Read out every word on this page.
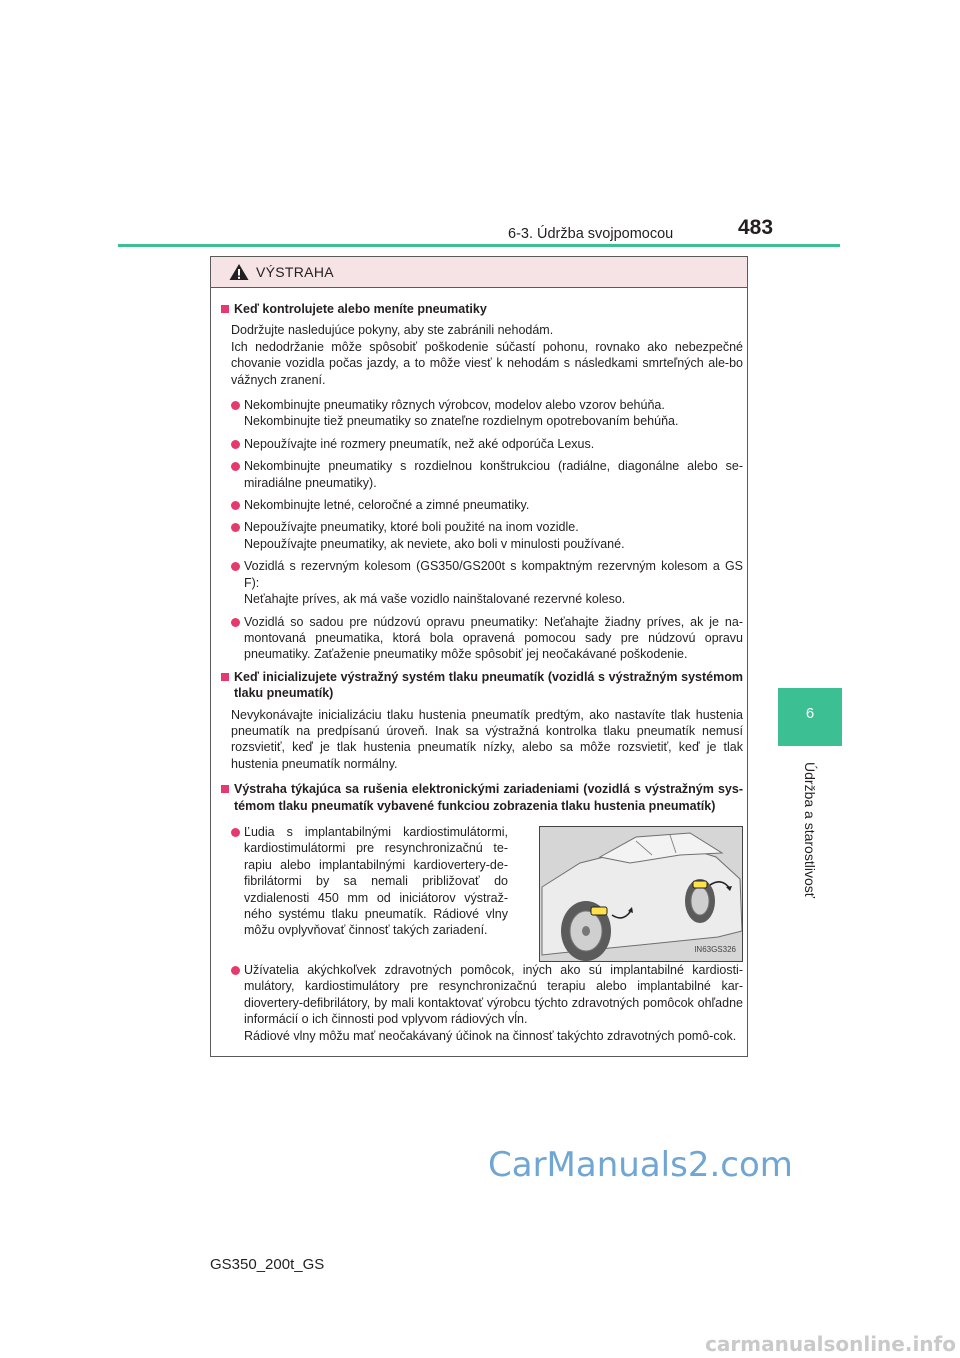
6-3. Údržba svojpomocou	483
6
Údržba a starostlivosť
VÝSTRAHA
Keď kontrolujete alebo meníte pneumatiky
Dodržujte nasledujúce pokyny, aby ste zabránili nehodám.
Ich nedodržanie môže spôsobiť poškodenie súčastí pohonu, rovnako ako nebezpečné chovanie vozidla počas jazdy, a to môže viesť k nehodám s následkami smrteľných ale-bo vážnych zranení.
Nekombinujte pneumatiky rôznych výrobcov, modelov alebo vzorov behúňa.
Nekombinujte tiež pneumatiky so znateľne rozdielnym opotrebovaním behúňa.
Nepoužívajte iné rozmery pneumatík, než aké odporúča Lexus.
Nekombinujte pneumatiky s rozdielnou konštrukciou (radiálne, diagonálne alebo se-miradiálne pneumatiky).
Nekombinujte letné, celoročné a zimné pneumatiky.
Nepoužívajte pneumatiky, ktoré boli použité na inom vozidle.
Nepoužívajte pneumatiky, ak neviete, ako boli v minulosti používané.
Vozidlá s rezervným kolesom (GS350/GS200t s kompaktným rezervným kolesom a GS F):
Neťahajte príves, ak má vaše vozidlo nainštalované rezervné koleso.
Vozidlá so sadou pre núdzovú opravu pneumatiky: Neťahajte žiadny príves, ak je na-montovaná pneumatika, ktorá bola opravená pomocou sady pre núdzovú opravu pneumatiky. Zaťaženie pneumatiky môže spôsobiť jej neočakávané poškodenie.
Keď inicializujete výstražný systém tlaku pneumatík (vozidlá s výstražným systémom tlaku pneumatík)
Nevykonávajte inicializáciu tlaku hustenia pneumatík predtým, ako nastavíte tlak hustenia pneumatík na predpísanú úroveň. Inak sa výstražná kontrolka tlaku pneumatík nemusí rozsvietiť, keď je tlak hustenia pneumatík nízky, alebo sa môže rozsvietiť, keď je tlak hustenia pneumatík normálny.
Výstraha týkajúca sa rušenia elektronickými zariadeniami (vozidlá s výstražným sys-témom tlaku pneumatík vybavené funkciou zobrazenia tlaku hustenia pneumatík)
Ľudia s implantabilnými kardiostimulátormi, kardiostimulátormi pre resynchronizačnú te-rapiu alebo implantabilnými kardiovertery-de-fibrilátormi by sa nemali približovať do vzdialenosti 450 mm od iniciátorov výstraž-ného systému tlaku pneumatík. Rádiové vlny môžu ovplyvňovať činnosť takých zariadení.
IN63GS326
Užívatelia akýchkoľvek zdravotných pomôcok, iných ako sú implantabilné kardiosti-mulátory, kardiostimulátory pre resynchronizačnú terapiu alebo implantabilné kar-diovertery-defibrilátory, by mali kontaktovať výrobcu týchto zdravotných pomôcok ohľadne informácií o ich činnosti pod vplyvom rádiových vĺn.
Rádiové vlny môžu mať neočakávaný účinok na činnosť takýchto zdravotných pomô-cok.
CarManuals2.com
GS350_200t_GS
carmanualsonline.info
